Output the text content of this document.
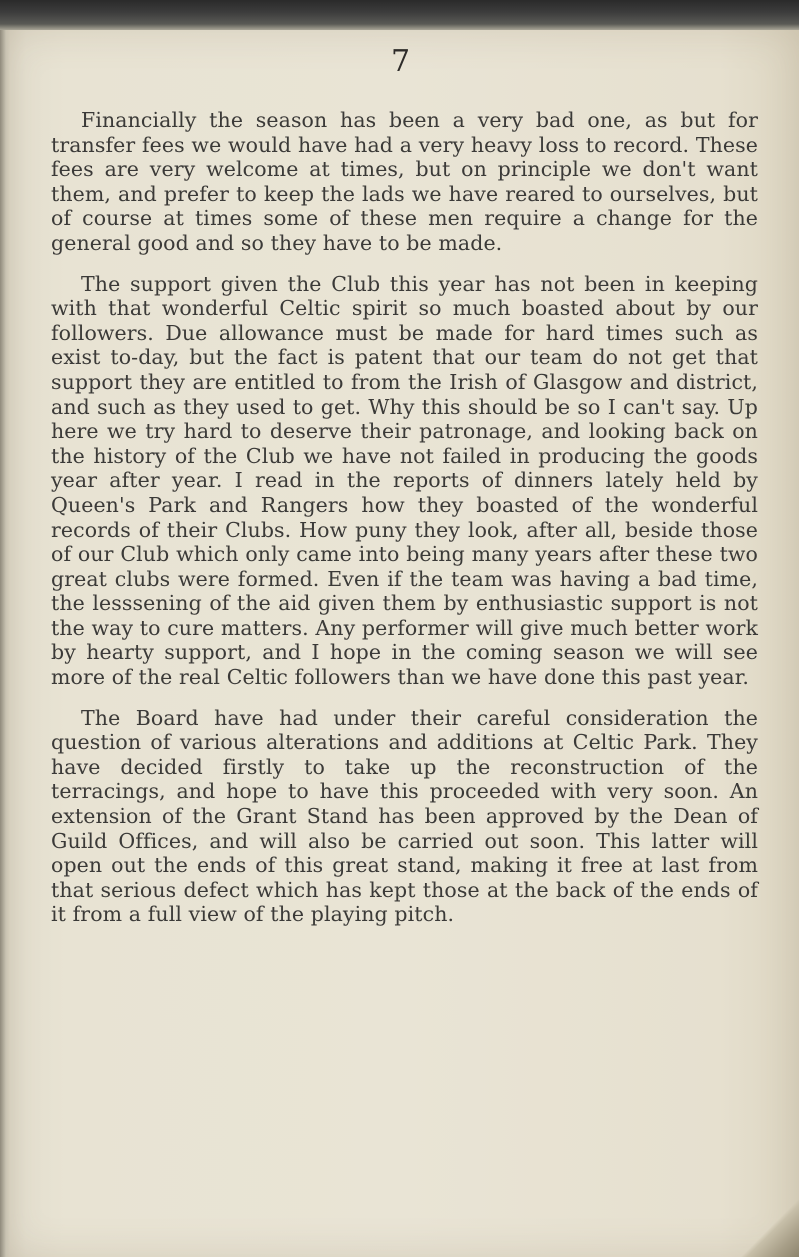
7

Financially the season has been a very bad one, as but for transfer fees we would have had a very heavy loss to record. These fees are very welcome at times, but on principle we don't want them, and prefer to keep the lads we have reared to ourselves, but of course at times some of these men require a change for the general good and so they have to be made.

The support given the Club this year has not been in keeping with that wonderful Celtic spirit so much boasted about by our followers. Due allowance must be made for hard times such as exist to-day, but the fact is patent that our team do not get that support they are entitled to from the Irish of Glasgow and district, and such as they used to get. Why this should be so I can't say. Up here we try hard to deserve their patronage, and looking back on the history of the Club we have not failed in producing the goods year after year. I read in the reports of dinners lately held by Queen's Park and Rangers how they boasted of the wonderful records of their Clubs. How puny they look, after all, beside those of our Club which only came into being many years after these two great clubs were formed. Even if the team was having a bad time, the lesssening of the aid given them by enthusiastic support is not the way to cure matters. Any performer will give much better work by hearty support, and I hope in the coming season we will see more of the real Celtic followers than we have done this past year.

The Board have had under their careful consideration the question of various alterations and additions at Celtic Park. They have decided firstly to take up the reconstruction of the terracings, and hope to have this proceeded with very soon. An extension of the Grant Stand has been approved by the Dean of Guild Offices, and will also be carried out soon. This latter will open out the ends of this great stand, making it free at last from that serious defect which has kept those at the back of the ends of it from a full view of the playing pitch.
